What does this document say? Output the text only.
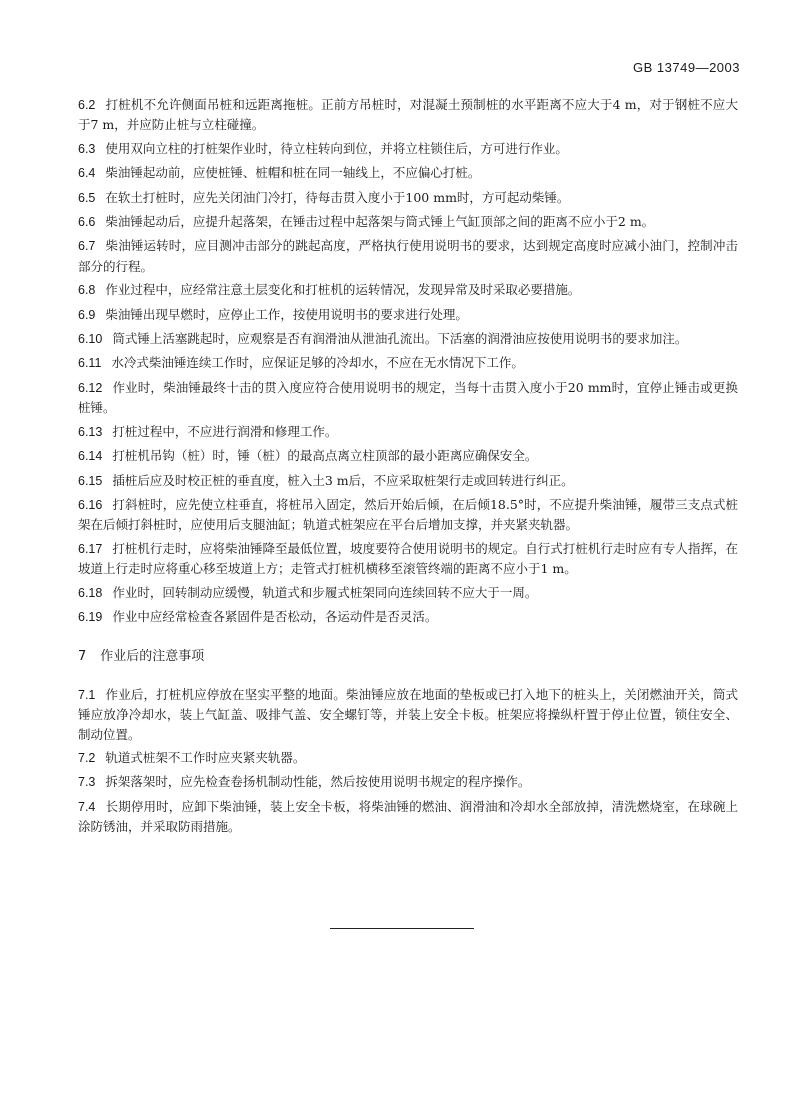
GB 13749—2003

6.2 打桩机不允许侧面吊桩和远距离拖桩。正前方吊桩时，对混凝土预制桩的水平距离不应大于4 m，对于钢桩不应大于7 m，并应防止桩与立柱碰撞。

6.3 使用双向立柱的打桩架作业时，待立柱转向到位，并将立柱锁住后，方可进行作业。

6.4 柴油锤起动前，应使桩锤、桩帽和桩在同一轴线上，不应偏心打桩。

6.5 在软土打桩时，应先关闭油门冷打，待每击贯入度小于100 mm时，方可起动柴锤。

6.6 柴油锤起动后，应提升起落架，在锤击过程中起落架与筒式锤上气缸顶部之间的距离不应小于2 m。

6.7 柴油锤运转时，应目测冲击部分的跳起高度，严格执行使用说明书的要求，达到规定高度时应减小油门，控制冲击部分的行程。

6.8 作业过程中，应经常注意土层变化和打桩机的运转情况，发现异常及时采取必要措施。

6.9 柴油锤出现早燃时，应停止工作，按使用说明书的要求进行处理。

6.10 筒式锤上活塞跳起时，应观察是否有润滑油从泄油孔流出。下活塞的润滑油应按使用说明书的要求加注。

6.11 水冷式柴油锤连续工作时，应保证足够的冷却水，不应在无水情况下工作。

6.12 作业时，柴油锤最终十击的贯入度应符合使用说明书的规定，当每十击贯入度小于20 mm时，宜停止锤击或更换桩锤。

6.13 打桩过程中，不应进行润滑和修理工作。

6.14 打桩机吊钩（桩）时，锤（桩）的最高点离立柱顶部的最小距离应确保安全。

6.15 插桩后应及时校正桩的垂直度，桩入土3 m后，不应采取桩架行走或回转进行纠正。

6.16 打斜桩时，应先使立柱垂直，将桩吊入固定，然后开始后倾，在后倾18.5°时，不应提升柴油锤，履带三支点式桩架在后倾打斜桩时，应使用后支腿油缸；轨道式桩架应在平台后增加支撑，并夹紧夹轨器。

6.17 打桩机行走时，应将柴油锤降至最低位置，坡度要符合使用说明书的规定。自行式打桩机行走时应有专人指挥，在坡道上行走时应将重心移至坡道上方；走管式打桩机横移至滚管终端的距离不应小于1 m。

6.18 作业时，回转制动应缓慢，轨道式和步履式桩架同向连续回转不应大于一周。

6.19 作业中应经常检查各紧固件是否松动，各运动件是否灵活。

7 作业后的注意事项

7.1 作业后，打桩机应停放在坚实平整的地面。柴油锤应放在地面的垫板或已打入地下的桩头上，关闭燃油开关，筒式锤应放净冷却水，装上气缸盖、吸排气盖、安全螺钉等，并装上安全卡板。桩架应将操纵杆置于停止位置，锁住安全、制动位置。

7.2 轨道式桩架不工作时应夹紧夹轨器。

7.3 拆架落架时，应先检查卷扬机制动性能，然后按使用说明书规定的程序操作。

7.4 长期停用时，应卸下柴油锤，装上安全卡板，将柴油锤的燃油、润滑油和冷却水全部放掉，清洗燃烧室，在球碗上涂防锈油，并采取防雨措施。
